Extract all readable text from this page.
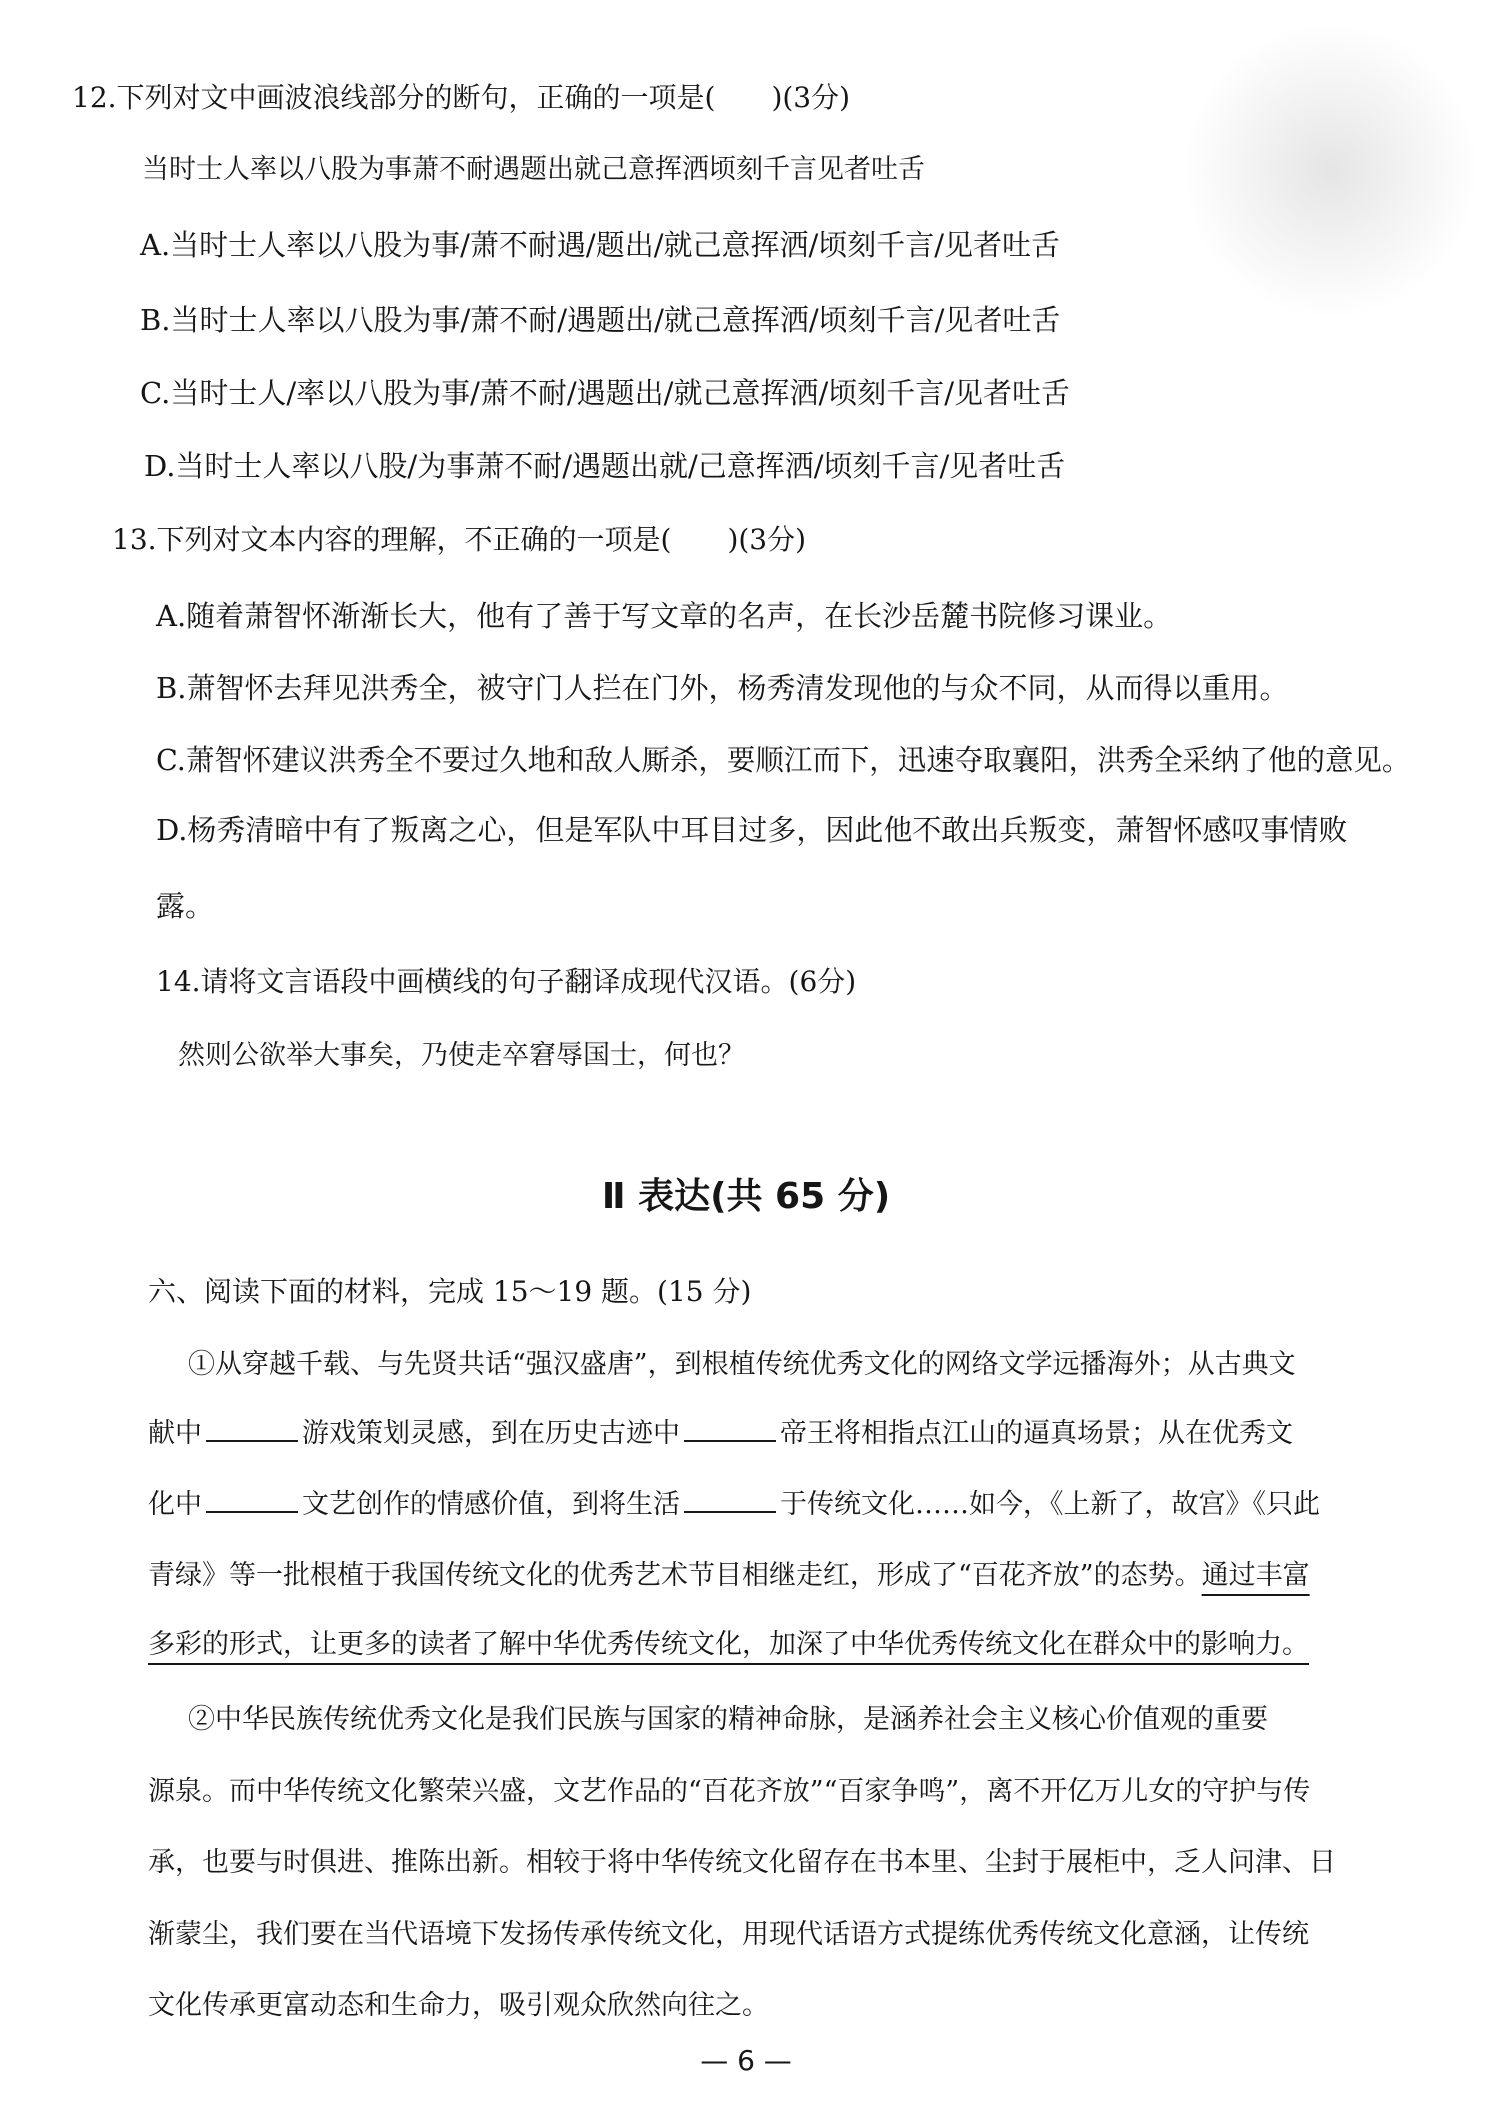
12.下列对文中画波浪线部分的断句，正确的一项是(　　)(3分)
当时士人率以八股为事萧不耐遇题出就己意挥洒顷刻千言见者吐舌
A.当时士人率以八股为事/萧不耐遇/题出/就己意挥洒/顷刻千言/见者吐舌
B.当时士人率以八股为事/萧不耐/遇题出/就己意挥洒/顷刻千言/见者吐舌
C.当时士人/率以八股为事/萧不耐/遇题出/就己意挥洒/顷刻千言/见者吐舌
D.当时士人率以八股/为事萧不耐/遇题出就/己意挥洒/顷刻千言/见者吐舌
13.下列对文本内容的理解，不正确的一项是(　　)(3分)
A.随着萧智怀渐渐长大，他有了善于写文章的名声，在长沙岳麓书院修习课业。
B.萧智怀去拜见洪秀全，被守门人拦在门外，杨秀清发现他的与众不同，从而得以重用。
C.萧智怀建议洪秀全不要过久地和敌人厮杀，要顺江而下，迅速夺取襄阳，洪秀全采纳了他的意见。
D.杨秀清暗中有了叛离之心，但是军队中耳目过多，因此他不敢出兵叛变，萧智怀感叹事情败
露。
14.请将文言语段中画横线的句子翻译成现代汉语。(6分)
然则公欲举大事矣，乃使走卒窘辱国士，何也？
Ⅱ 表达(共 65 分)
六、阅读下面的材料，完成 15～19 题。(15 分)
①从穿越千载、与先贤共话“强汉盛唐”，到根植传统优秀文化的网络文学远播海外；从古典文
献中	游戏策划灵感，到在历史古迹中	帝王将相指点江山的逼真场景；从在优秀文
化中	文艺创作的情感价值，到将生活	于传统文化……如今，《上新了，故宫》《只此
青绿》等一批根植于我国传统文化的优秀艺术节目相继走红，形成了“百花齐放”的态势。通过丰富
多彩的形式，让更多的读者了解中华优秀传统文化，加深了中华优秀传统文化在群众中的影响力。
②中华民族传统优秀文化是我们民族与国家的精神命脉，是涵养社会主义核心价值观的重要
源泉。而中华传统文化繁荣兴盛，文艺作品的“百花齐放”“百家争鸣”，离不开亿万儿女的守护与传
承，也要与时俱进、推陈出新。相较于将中华传统文化留存在书本里、尘封于展柜中，乏人问津、日
渐蒙尘，我们要在当代语境下发扬传承传统文化，用现代话语方式提练优秀传统文化意涵，让传统
文化传承更富动态和生命力，吸引观众欣然向往之。
— 6 —
